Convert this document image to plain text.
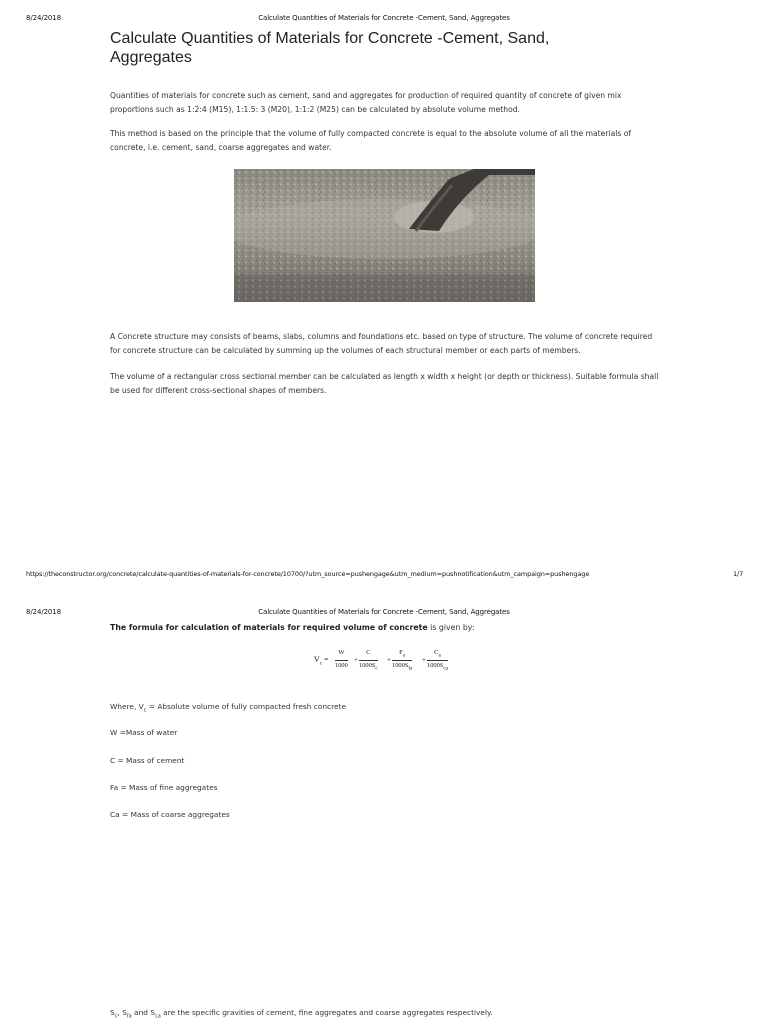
8/24/2018	Calculate Quantities of Materials for Concrete -Cement, Sand, Aggregates
Calculate Quantities of Materials for Concrete -Cement, Sand, Aggregates

Quantities of materials for concrete such as cement, sand and aggregates for production of required quantity of concrete of given mix proportions such as 1:2:4 (M15), 1:1.5: 3 (M20), 1:1:2 (M25) can be calculated by absolute volume method.

This method is based on the principle that the volume of fully compacted concrete is equal to the absolute volume of all the materials of concrete, i.e. cement, sand, coarse aggregates and water.

A Concrete structure may consists of beams, slabs, columns and foundations etc. based on type of structure. The volume of concrete required for concrete structure can be calculated by summing up the volumes of each structural member or each parts of members.

The volume of a rectangular cross sectional member can be calculated as length x width x height (or depth or thickness). Suitable formula shall be used for different cross-sectional shapes of members.

https://theconstructor.org/concrete/calculate-quantities-of-materials-for-concrete/10700/?utm_source=pushengage&utm_medium=pushnotification&utm_campaign=pushengage	1/7
8/24/2018	Calculate Quantities of Materials for Concrete -Cement, Sand, Aggregates

The formula for calculation of materials for required volume of concrete is given by:

$V_c = \frac{W}{1000} + \frac{C}{1000S_c}$ +
$F_a$
$1000S_{fa}$
+
$C_a$
$1000S_{ca}$

Where, $V_c$ = Absolute volume of fully compacted fresh concrete

W =Mass of water

C = Mass of cement

Fa = Mass of fine aggregates

Ca = Mass of coarse aggregates

$S_c$, $S_{fa}$ and $S_{ca}$ are the specific gravities of cement, fine aggregates and coarse aggregates respectively.
